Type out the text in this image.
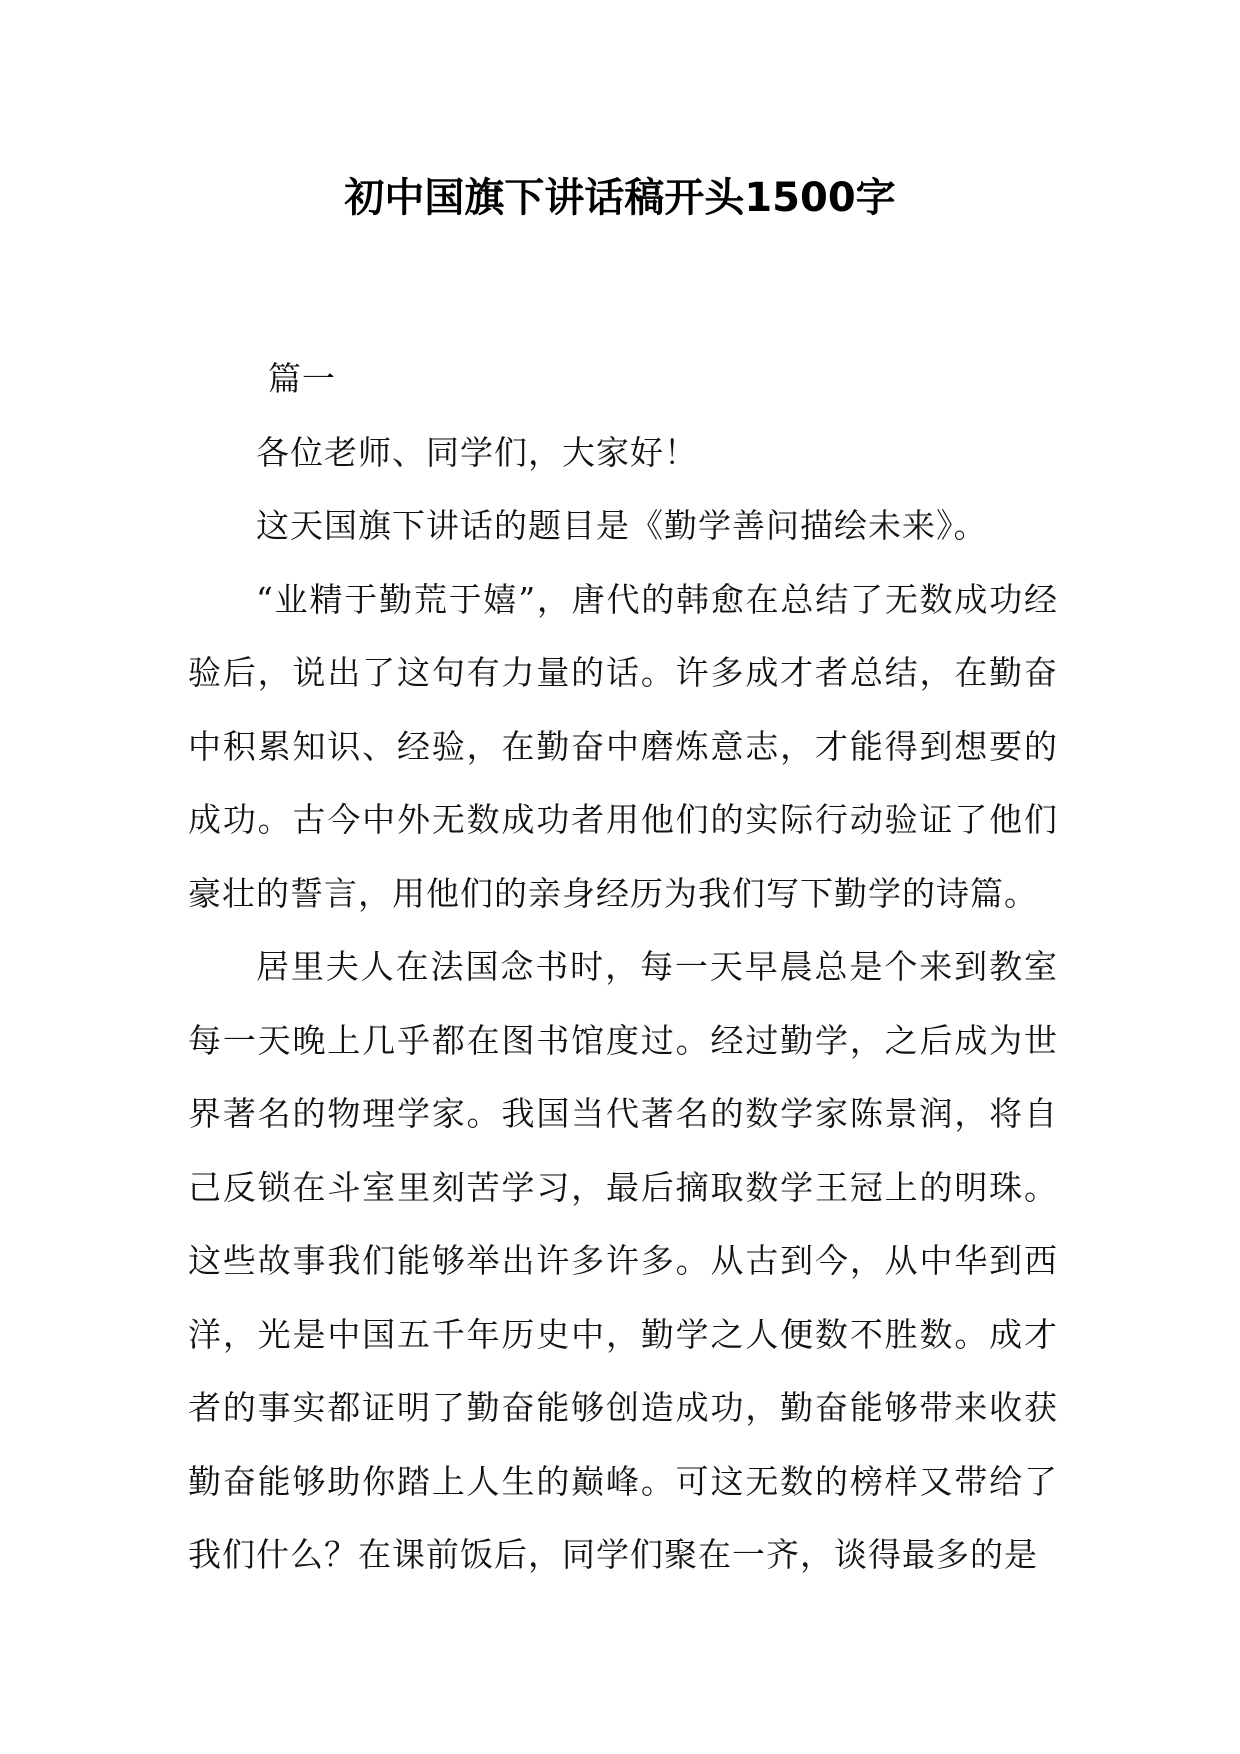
初中国旗下讲话稿开头1500字

篇一

各位老师、同学们，大家好！

这天国旗下讲话的题目是《勤学善问描绘未来》。

“业精于勤荒于嬉”，唐代的韩愈在总结了无数成功经验后，说出了这句有力量的话。许多成才者总结，在勤奋中积累知识、经验，在勤奋中磨炼意志，才能得到想要的成功。古今中外无数成功者用他们的实际行动验证了他们豪壮的誓言，用他们的亲身经历为我们写下勤学的诗篇。

居里夫人在法国念书时，每一天早晨总是个来到教室每一天晚上几乎都在图书馆度过。经过勤学，之后成为世界著名的物理学家。我国当代著名的数学家陈景润，将自己反锁在斗室里刻苦学习，最后摘取数学王冠上的明珠。这些故事我们能够举出许多许多。从古到今，从中华到西洋，光是中国五千年历史中，勤学之人便数不胜数。成才者的事实都证明了勤奋能够创造成功，勤奋能够带来收获勤奋能够助你踏上人生的巅峰。可这无数的榜样又带给了我们什么？在课前饭后，同学们聚在一齐，谈得最多的是
